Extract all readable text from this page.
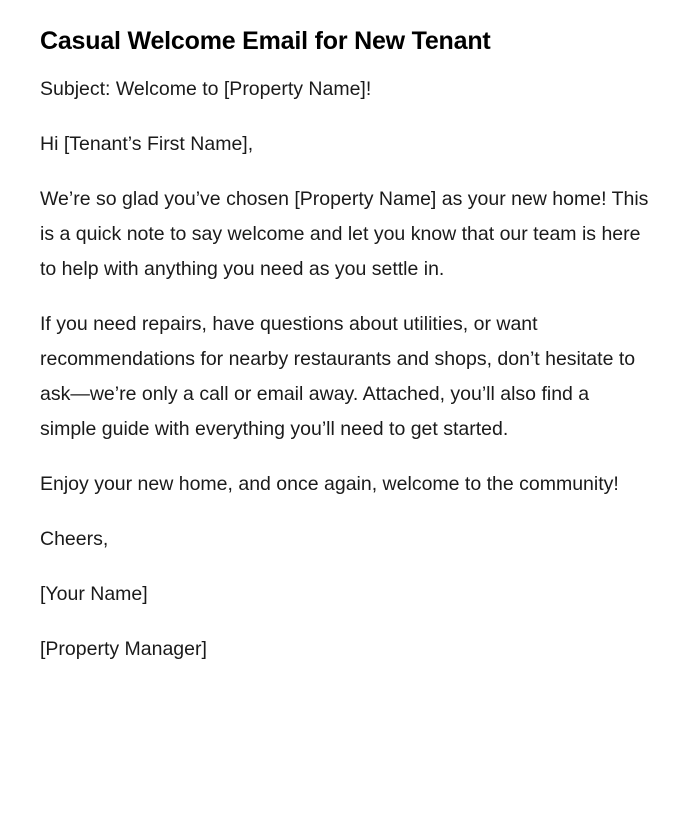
Casual Welcome Email for New Tenant

Subject: Welcome to [Property Name]!

Hi [Tenant’s First Name],

We’re so glad you’ve chosen [Property Name] as your new home! This is a quick note to say welcome and let you know that our team is here to help with anything you need as you settle in.

If you need repairs, have questions about utilities, or want recommendations for nearby restaurants and shops, don’t hesitate to ask—we’re only a call or email away. Attached, you’ll also find a simple guide with everything you’ll need to get started.

Enjoy your new home, and once again, welcome to the community!

Cheers,

[Your Name]

[Property Manager]
